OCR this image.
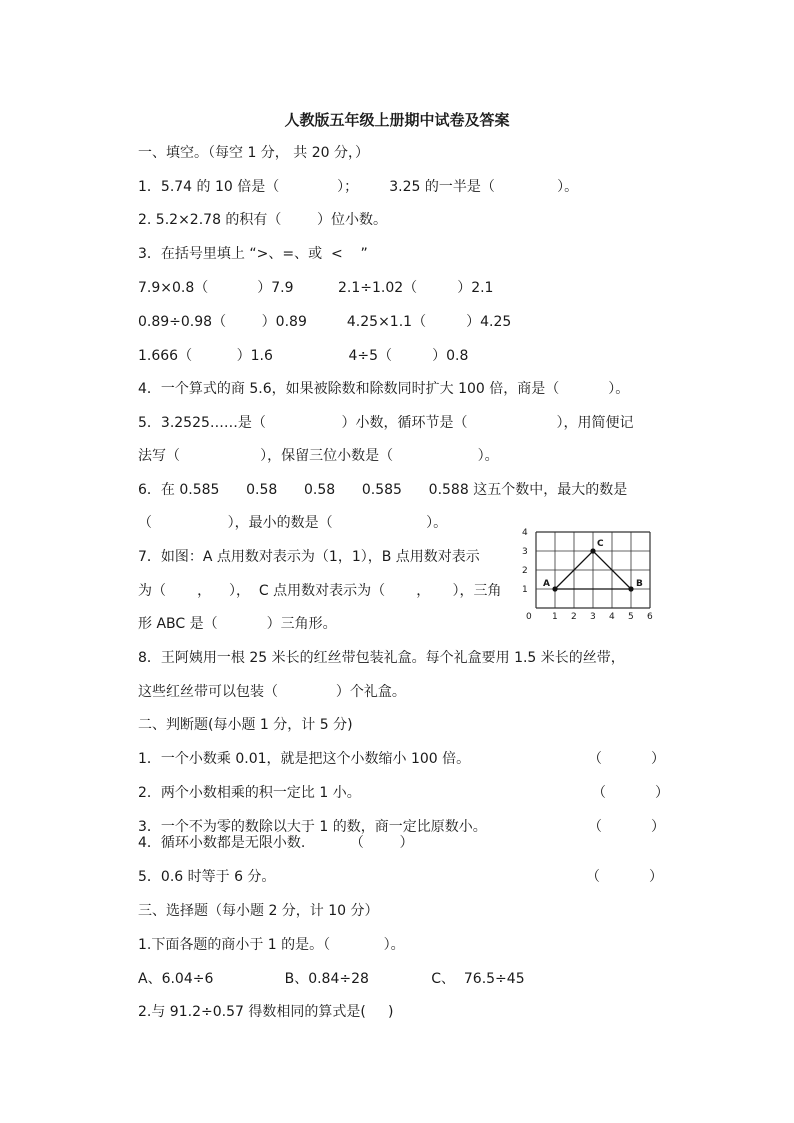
人教版五年级上册期中试卷及答案
一、填空。（每空 1 分， 共 20 分，）
1．5.74 的 10 倍是（             ）；       3.25 的一半是（              ）。
2. 5.2×2.78 的积有（        ）位小数。
3．在括号里填上 “>、=、或  <    ”
7.9×0.8（           ）7.9          2.1÷1.02（         ）2.1
0.89÷0.98（        ）0.89         4.25×1.1（         ）4.25
1.666（          ）1.6̇                 4÷5（         ）0.8
4．一个算式的商 5.6，如果被除数和除数同时扩大 100 倍，商是（           ）。
5．3.2525……是（                 ）小数，循环节是（                    ），用简便记
法写（                  ），保留三位小数是（                   ）。
6．在 0.585      0.58      0.58      0.585      0.588 这五个数中，最大的数是
（                 ），最小的数是（                     ）。
7．如图：A 点用数对表示为（1，1），B 点用数对表示
为（       ，    ），  C 点用数对表示为（       ，     ），三角
形 ABC 是（           ）三角形。
8．王阿姨用一根 25 米长的红丝带包装礼盒。每个礼盒要用 1.5 米长的丝带，
这些红丝带可以包装（             ）个礼盒。
0 1 2 3 4 5 6
1
2
3
4
A	B
C
二、判断题(每小题 1 分，计 5 分)
1．一个小数乘 0.01，就是把这个小数缩小 100 倍。	（           ）
2．两个小数相乘的积一定比 1 小。	（           ）
3．一个不为零的数除以大于 1 的数，商一定比原数小。	（           ）
4．循环小数都是无限小数.          （        ）
5．0.6 时等于 6 分。	（           ）
三、选择题（每小题 2 分，计 10 分）
1.下面各题的商小于 1 的是。（            ）。
A、6.04÷6                B、0.84÷28              C、  76.5÷45
2.与 91.2÷0.57 得数相同的算式是(     )
